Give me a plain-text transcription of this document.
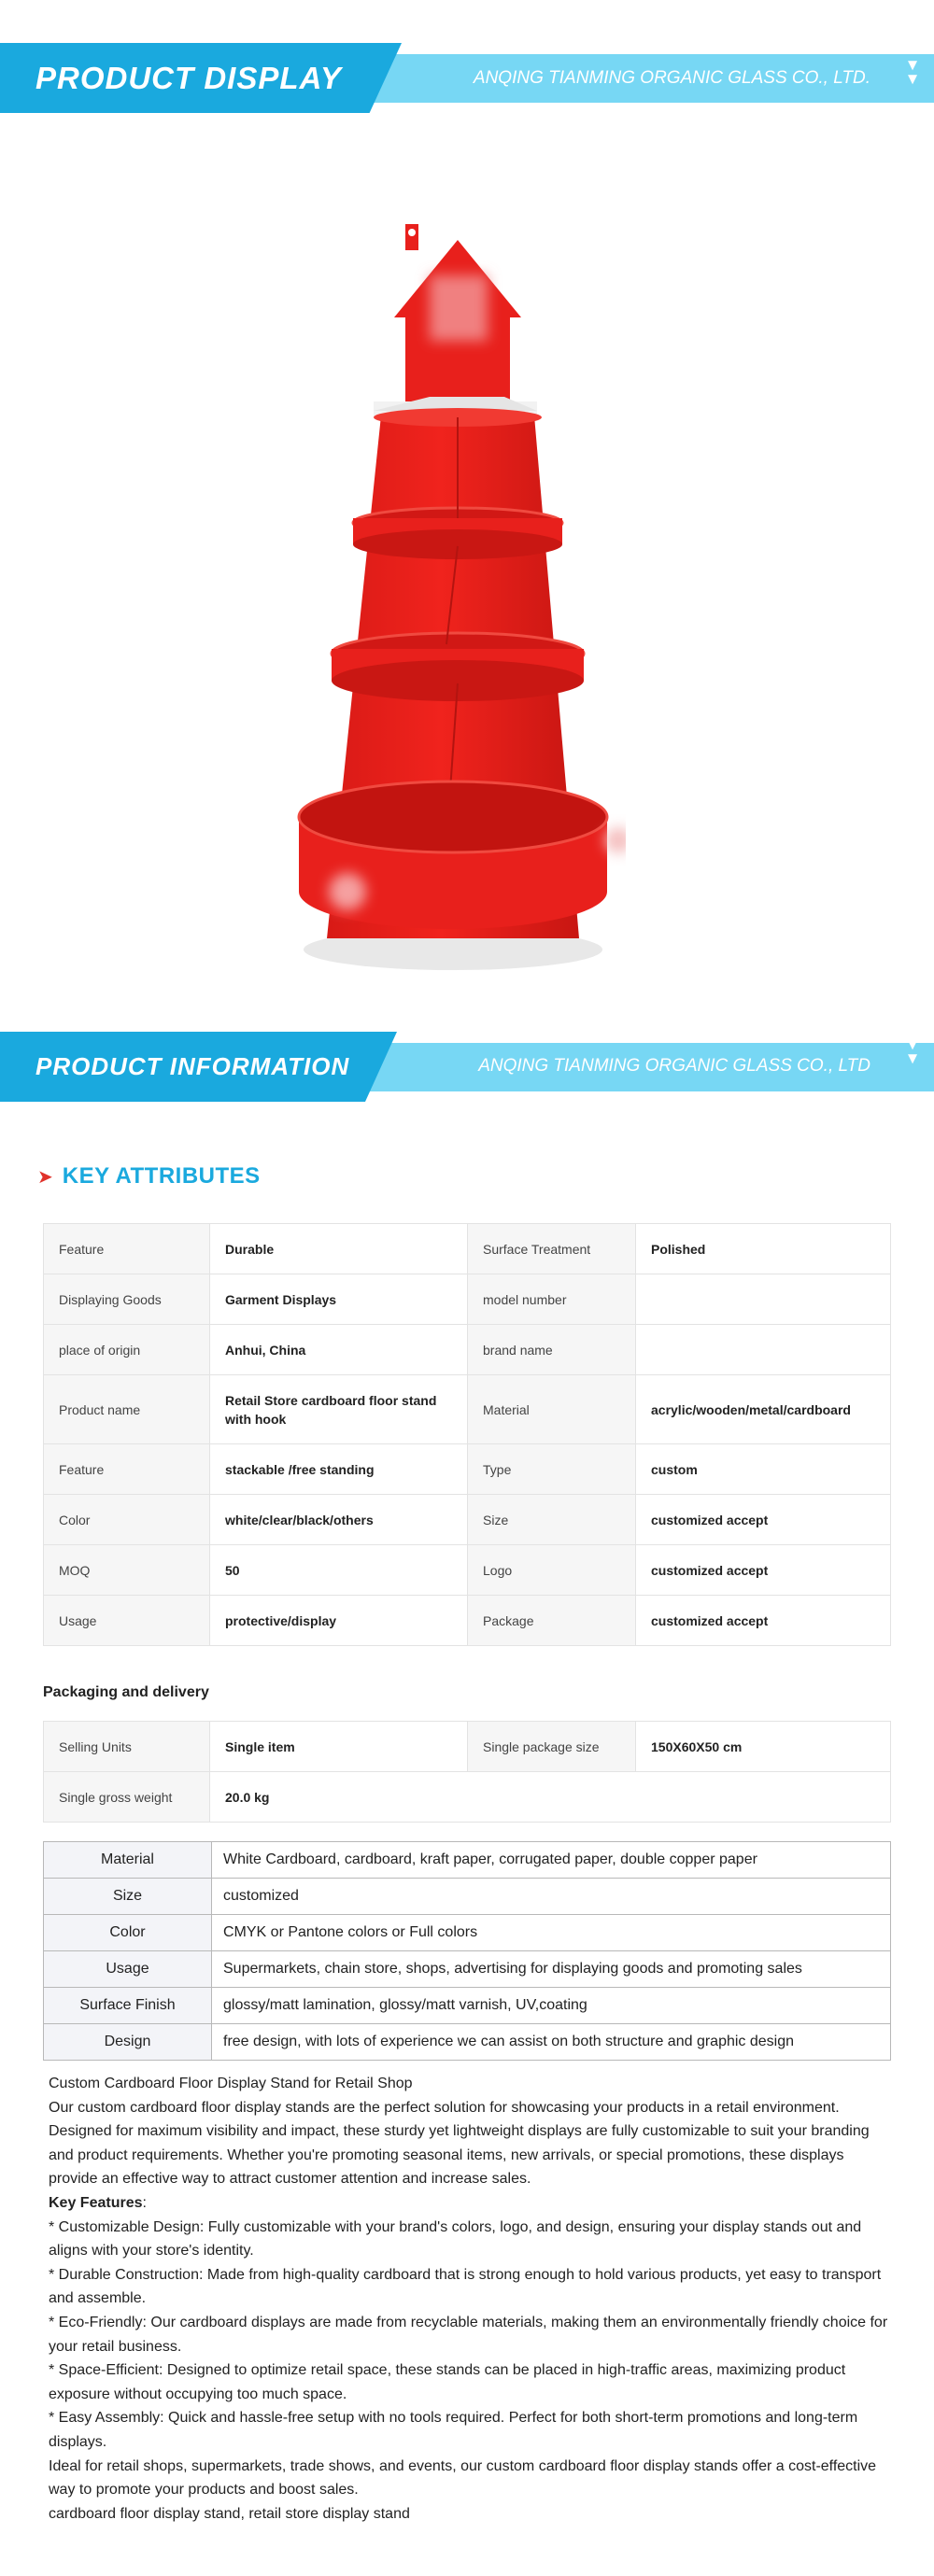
PRODUCT DISPLAY	ANQING TIANMING ORGANIC GLASS CO., LTD.
▼
▼
PRODUCT INFORMATION	ANQING TIANMING ORGANIC GLASS CO., LTD
▼
▼
➤ KEY ATTRIBUTES
Feature	Durable	Surface Treatment	Polished
Displaying Goods	Garment Displays	model number	
place of origin	Anhui, China	brand name	
Product name	Retail Store cardboard floor stand with hook	Material	acrylic/wooden/metal/cardboard
Feature	stackable /free standing	Type	custom
Color	white/clear/black/others	Size	customized accept
MOQ	50	Logo	customized accept
Usage	protective/display	Package	customized accept
Packaging and delivery
Selling Units	Single item	Single package size	150X60X50 cm
Single gross weight	20.0 kg		
Material	White Cardboard, cardboard, kraft paper, corrugated paper, double copper paper
Size	customized
Color	CMYK or Pantone colors or Full colors
Usage	Supermarkets, chain store, shops, advertising for displaying goods and promoting sales
Surface Finish	glossy/matt lamination, glossy/matt varnish, UV,coating
Design	free design, with lots of experience we can assist on both structure and graphic design

Custom Cardboard Floor Display Stand for Retail Shop

Our custom cardboard floor display stands are the perfect solution for showcasing your products in a retail environment. Designed for maximum visibility and impact, these sturdy yet lightweight displays are fully customizable to suit your branding and product requirements. Whether you're promoting seasonal items, new arrivals, or special promotions, these displays provide an effective way to attract customer attention and increase sales.

Key Features:

* Customizable Design: Fully customizable with your brand's colors, logo, and design, ensuring your display stands out and aligns with your store's identity.

* Durable Construction: Made from high-quality cardboard that is strong enough to hold various products, yet easy to transport and assemble.

* Eco-Friendly: Our cardboard displays are made from recyclable materials, making them an environmentally friendly choice for your retail business.

* Space-Efficient: Designed to optimize retail space, these stands can be placed in high-traffic areas, maximizing product exposure without occupying too much space.

* Easy Assembly: Quick and hassle-free setup with no tools required. Perfect for both short-term promotions and long-term displays.

Ideal for retail shops, supermarkets, trade shows, and events, our custom cardboard floor display stands offer a cost-effective way to promote your products and boost sales.

cardboard floor display stand, retail store display stand
